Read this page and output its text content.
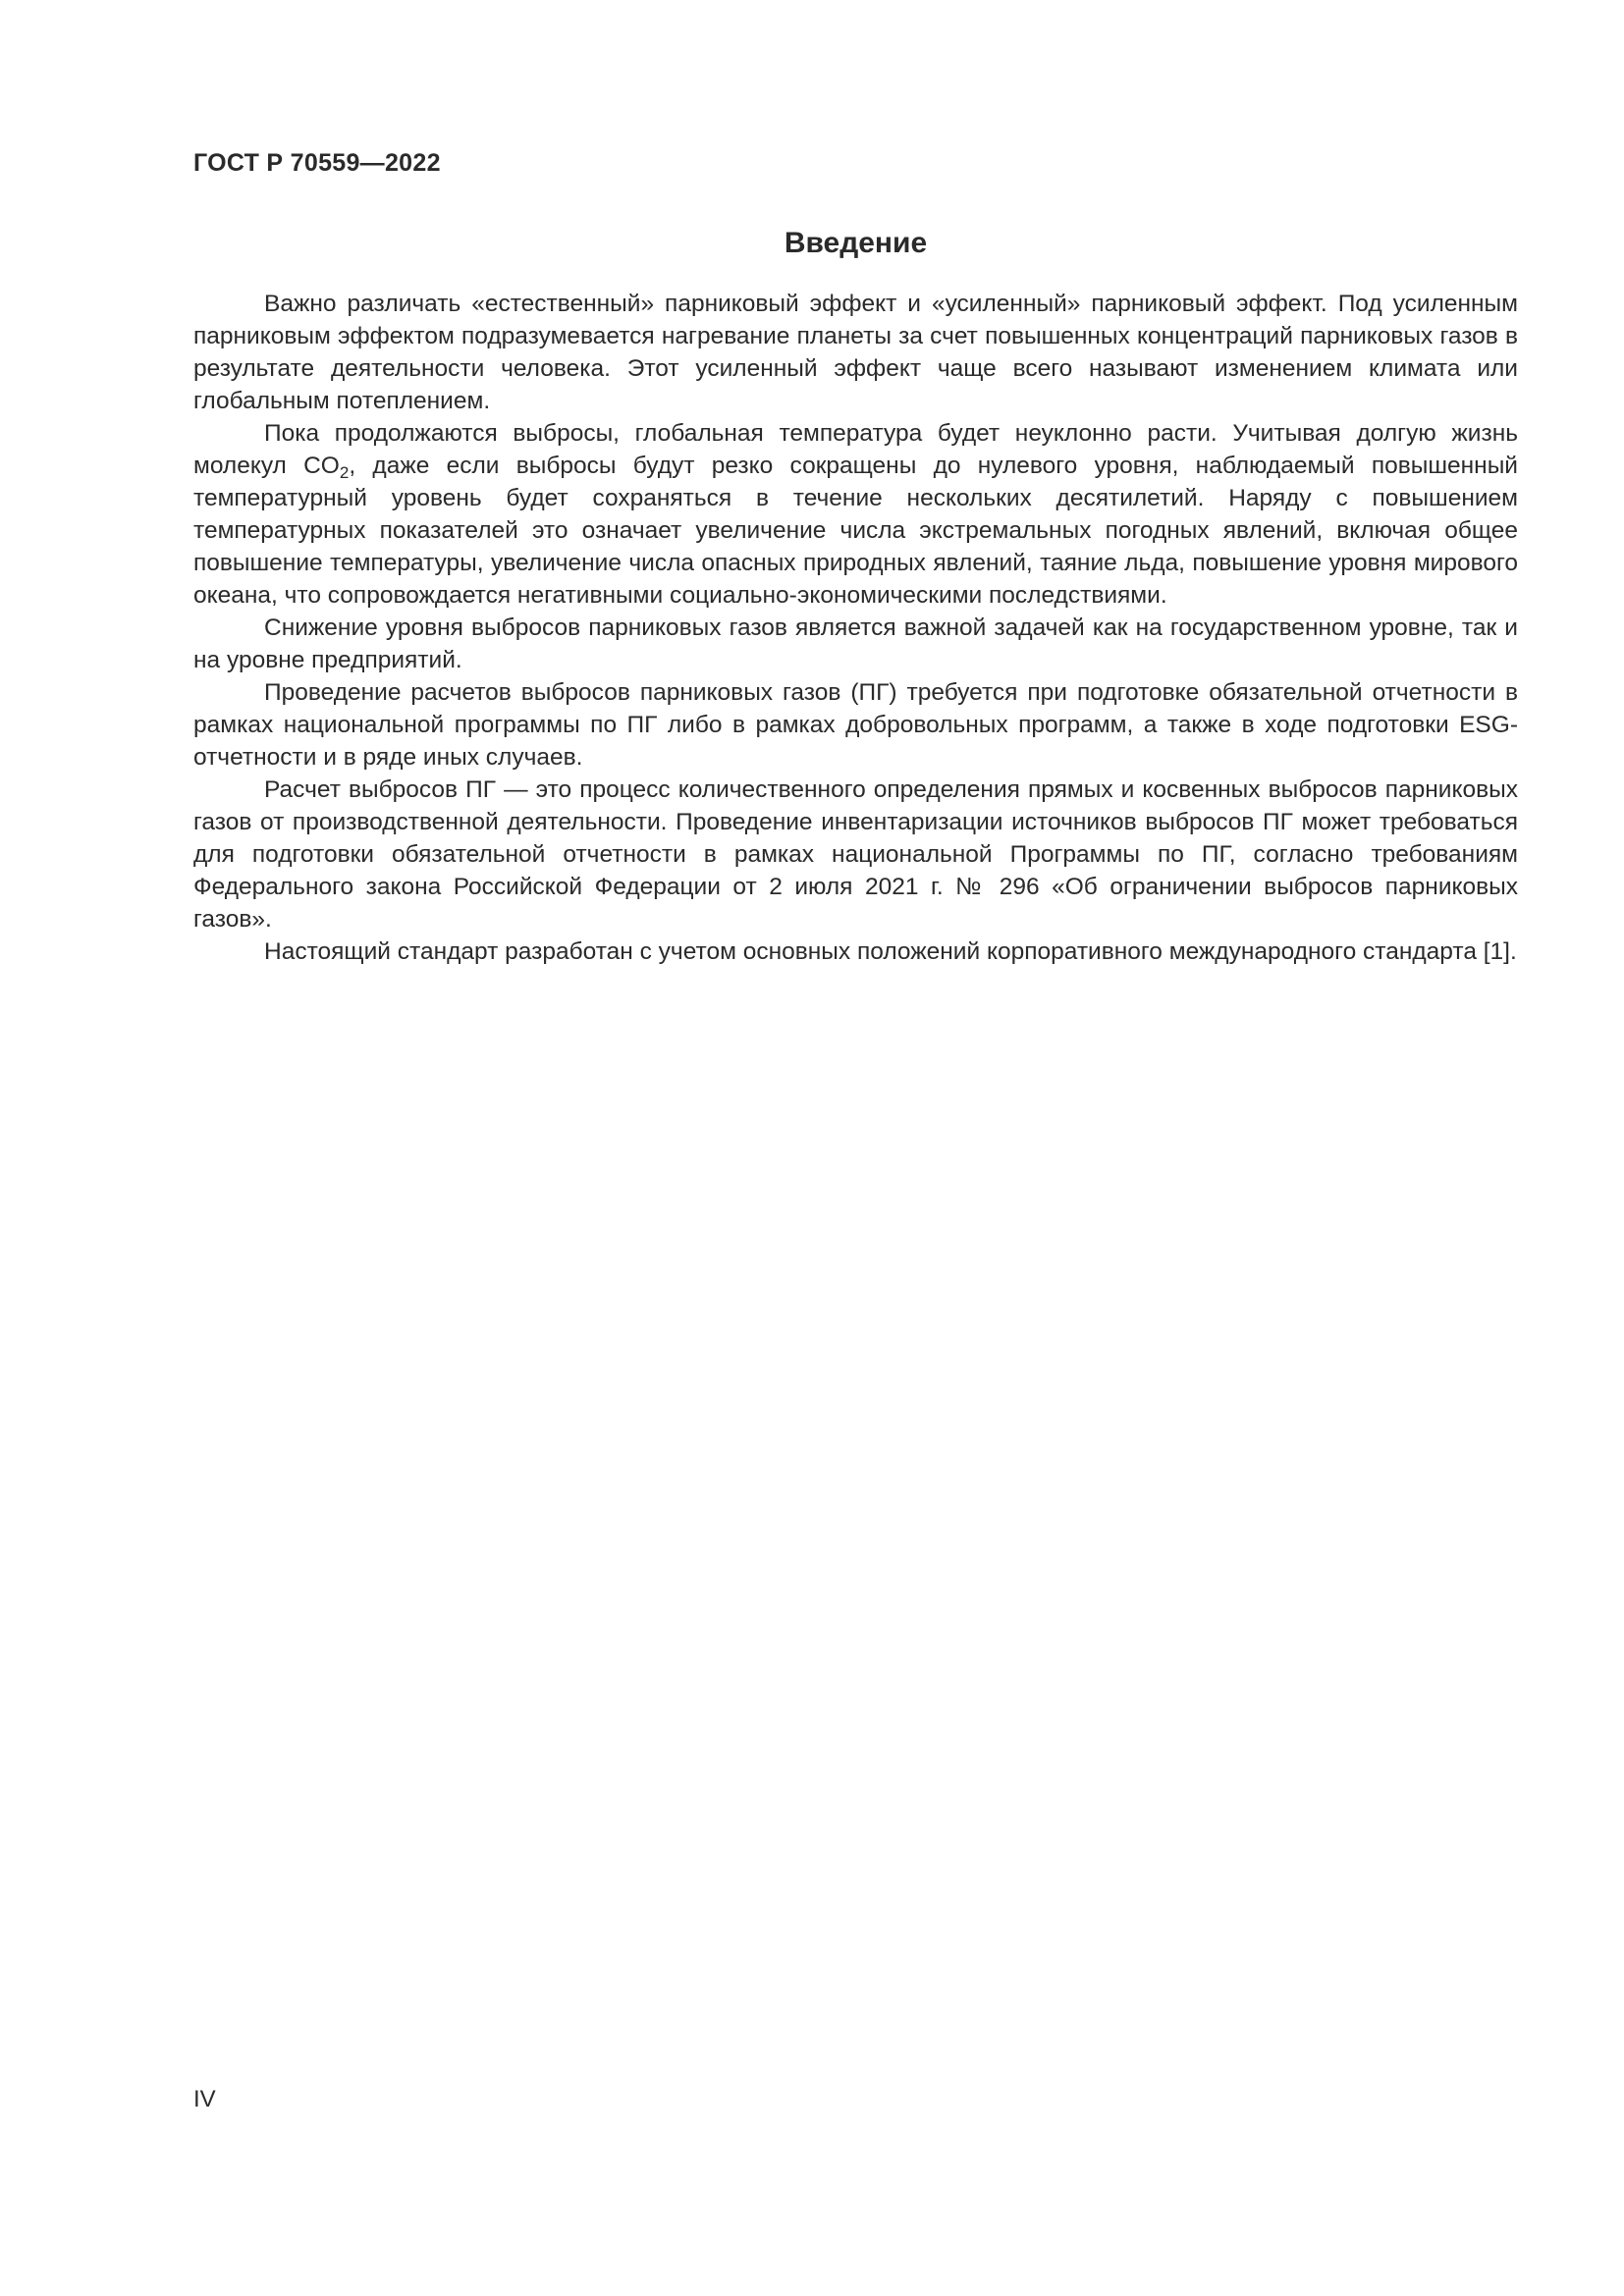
ГОСТ Р 70559—2022
Введение

Важно различать «естественный» парниковый эффект и «усиленный» парниковый эффект. Под усиленным парниковым эффектом подразумевается нагревание планеты за счет повышенных концентраций парниковых газов в результате деятельности человека. Этот усиленный эффект чаще всего называют изменением климата или глобальным потеплением.

Пока продолжаются выбросы, глобальная температура будет неуклонно расти. Учитывая долгую жизнь молекул $CO_2$, даже если выбросы будут резко сокращены до нулевого уровня, наблюдаемый повышенный температурный уровень будет сохраняться в течение нескольких десятилетий. Наряду с повышением температурных показателей это означает увеличение числа экстремальных погодных явлений, включая общее повышение температуры, увеличение числа опасных природных явлений, таяние льда, повышение уровня мирового океана, что сопровождается негативными социально-экономическими последствиями.

Снижение уровня выбросов парниковых газов является важной задачей как на государственном уровне, так и на уровне предприятий.

Проведение расчетов выбросов парниковых газов (ПГ) требуется при подготовке обязательной отчетности в рамках национальной программы по ПГ либо в рамках добровольных программ, а также в ходе подготовки ESG-отчетности и в ряде иных случаев.

Расчет выбросов ПГ — это процесс количественного определения прямых и косвенных выбросов парниковых газов от производственной деятельности. Проведение инвентаризации источников выбросов ПГ может требоваться для подготовки обязательной отчетности в рамках национальной Программы по ПГ, согласно требованиям Федерального закона Российской Федерации от 2 июля 2021 г. № 296 «Об ограничении выбросов парниковых газов».

Настоящий стандарт разработан с учетом основных положений корпоративного международного стандарта [1].

IV
